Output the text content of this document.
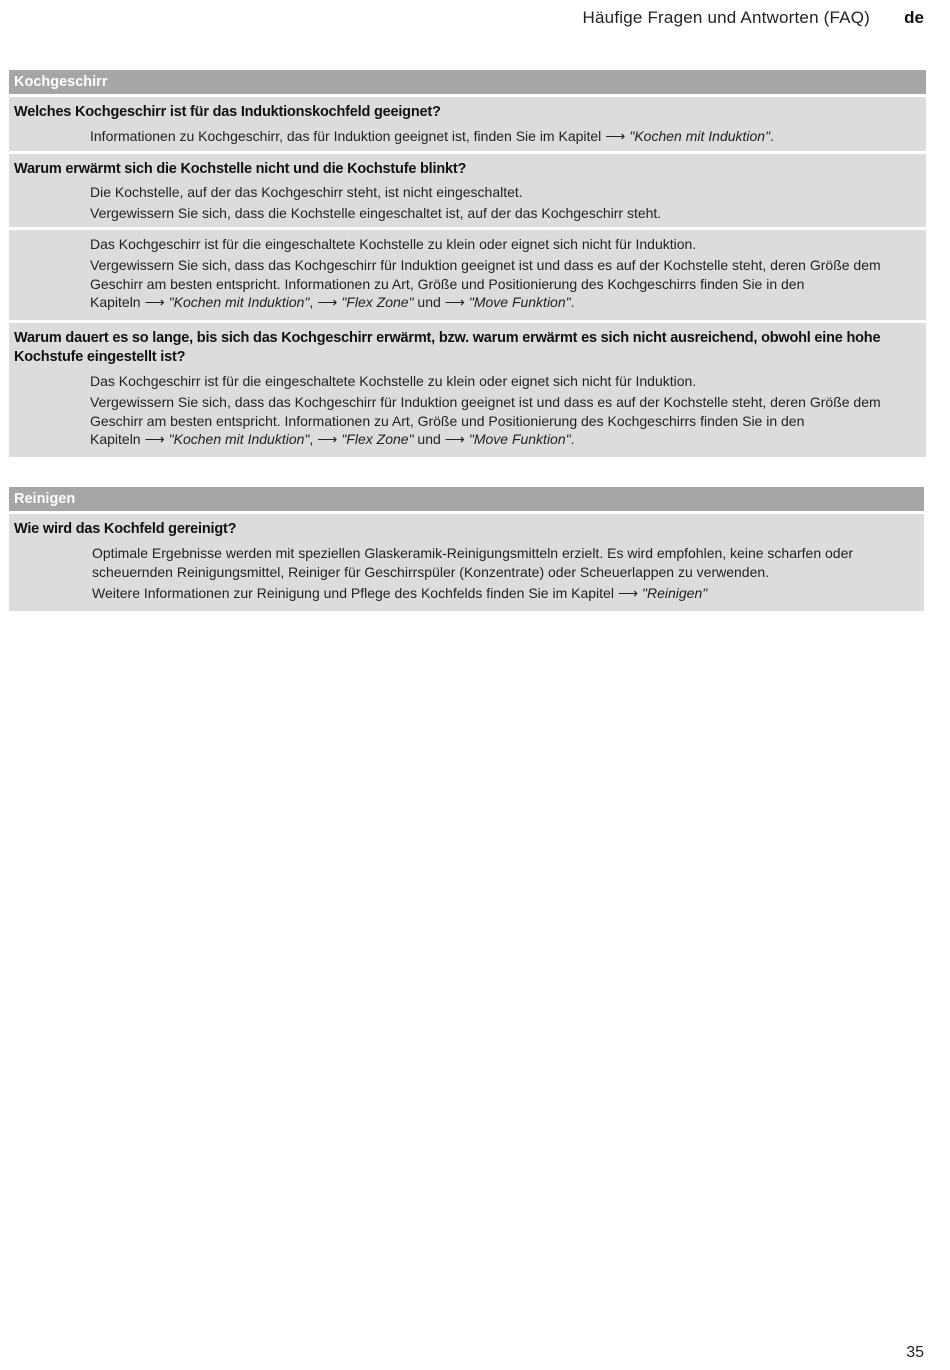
Häufige Fragen und Antworten (FAQ) de
Kochgeschirr
Welches Kochgeschirr ist für das Induktionskochfeld geeignet?
Informationen zu Kochgeschirr, das für Induktion geeignet ist, finden Sie im Kapitel ⟶ "Kochen mit Induktion".
Warum erwärmt sich die Kochstelle nicht und die Kochstufe blinkt?
Die Kochstelle, auf der das Kochgeschirr steht, ist nicht eingeschaltet.
Vergewissern Sie sich, dass die Kochstelle eingeschaltet ist, auf der das Kochgeschirr steht.
Das Kochgeschirr ist für die eingeschaltete Kochstelle zu klein oder eignet sich nicht für Induktion.
Vergewissern Sie sich, dass das Kochgeschirr für Induktion geeignet ist und dass es auf der Kochstelle steht, deren Größe dem Geschirr am besten entspricht. Informationen zu Art, Größe und Positionierung des Kochgeschirrs finden Sie in den Kapiteln ⟶ "Kochen mit Induktion", ⟶ "Flex Zone" und ⟶ "Move Funktion".
Warum dauert es so lange, bis sich das Kochgeschirr erwärmt, bzw. warum erwärmt es sich nicht ausreichend, obwohl eine hohe Kochstufe eingestellt ist?
Das Kochgeschirr ist für die eingeschaltete Kochstelle zu klein oder eignet sich nicht für Induktion.
Vergewissern Sie sich, dass das Kochgeschirr für Induktion geeignet ist und dass es auf der Kochstelle steht, deren Größe dem Geschirr am besten entspricht. Informationen zu Art, Größe und Positionierung des Kochgeschirrs finden Sie in den Kapiteln ⟶ "Kochen mit Induktion", ⟶ "Flex Zone" und ⟶ "Move Funktion".
Reinigen
Wie wird das Kochfeld gereinigt?
Optimale Ergebnisse werden mit speziellen Glaskeramik-Reinigungsmitteln erzielt. Es wird empfohlen, keine scharfen oder scheuernden Reinigungsmittel, Reiniger für Geschirrspüler (Konzentrate) oder Scheuerlappen zu verwenden.
Weitere Informationen zur Reinigung und Pflege des Kochfelds finden Sie im Kapitel ⟶ "Reinigen"
35
